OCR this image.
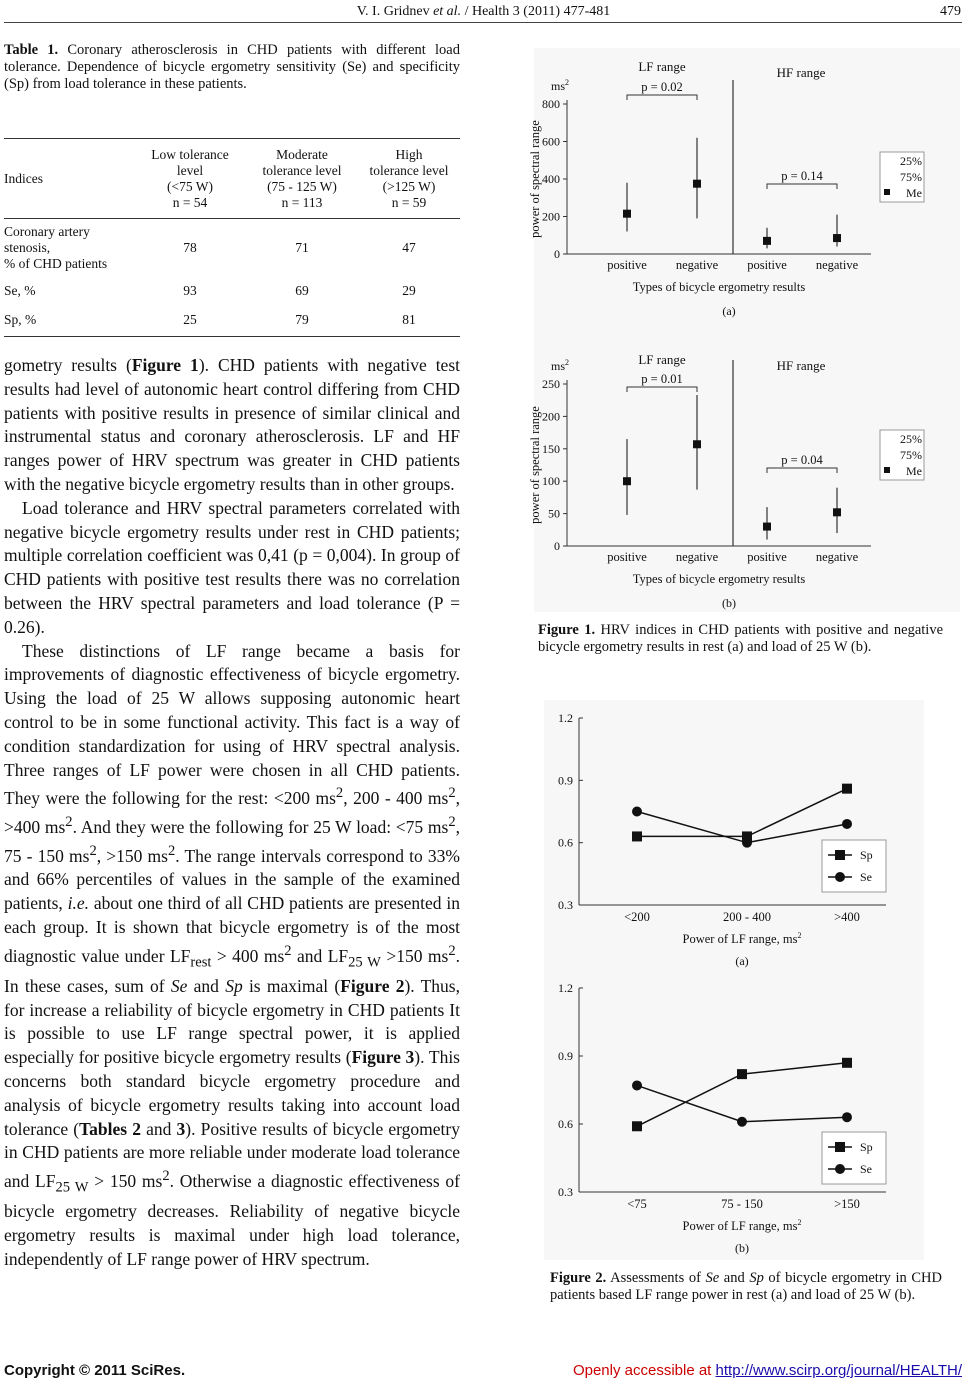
V. I. Gridnev et al. / Health 3 (2011) 477-481	479
Table 1. Coronary atherosclerosis in CHD patients with different load tolerance. Dependence of bicycle ergometry sensitivity (Se) and specificity (Sp) from load tolerance in these patients.
Indices	Low tolerance
level
(<75 W)
n = 54	Moderate
tolerance level
(75 - 125 W)
n = 113	High
tolerance level
(>125 W)
n = 59
Coronary artery
stenosis,
% of CHD patients	78	71	47
Se, %	93	69	29
Sp, %	25	79	81

gometry results (Figure 1). CHD patients with negative test results had level of autonomic heart control differing from CHD patients with positive results in presence of similar clinical and instrumental status and coronary atherosclerosis. LF and HF ranges power of HRV spectrum was greater in CHD patients with the negative bicycle ergometry results than in other groups.

Load tolerance and HRV spectral parameters correlated with negative bicycle ergometry results under rest in CHD patients; multiple correlation coefficient was 0,41 (p = 0,004). In group of CHD patients with positive test results there was no correlation between the HRV spectral parameters and load tolerance (P = 0.26).

These distinctions of LF range became a basis for improvements of diagnostic effectiveness of bicycle ergometry. Using the load of 25 W allows supposing autonomic heart control to be in some functional activity. This fact is a way of condition standardization for using of HRV spectral analysis. Three ranges of LF power were chosen in all CHD patients. They were the following for the rest: <200 $ms^2$, 200 - 400 $ms^2$, >400 $ms^2$. And they were the following for 25 W load: <75 $ms^2$, 75 - 150 $ms^2$, >150 $ms^2$. The range intervals correspond to 33% and 66% percentiles of values in the sample of the examined patients, i.e. about one third of all CHD patients are presented in each group. It is shown that bicycle ergometry is of the most diagnostic value under $LF_{rest} > 400$ $ms^2$ and $LF_{25 W} >150$ $ms^2$. In these cases, sum of Se and Sp is maximal (Figure 2). Thus, for increase a reliability of bicycle ergometry in CHD patients It is possible to use LF range spectral power, it is applied especially for positive bicycle ergometry results (Figure 3). This concerns both standard bicycle ergometry procedure and analysis of bicycle ergometry results taking into account load tolerance (Tables 2 and 3). Positive results of bicycle ergometry in CHD patients are more reliable under moderate load tolerance and $LF_{25 W} > 150$ $ms^2$. Otherwise a diagnostic effectiveness of bicycle ergometry decreases. Reliability of negative bicycle ergometry results is maximal under high load tolerance, independently of LF range power of HRV spectrum.

0
200
400
600
800
$ms^2$
power of spectral range
LF range	HF range
p = 0.02
p = 0.14
positive negative positive negative
Types of bicycle ergometry results
(a)
25%
75%
Me
0
50
100
150
200
250
$ms^2$
power of spectral range
LF range	HF range
p = 0.01
p = 0.04
positive negative positive negative
Types of bicycle ergometry results
(b)
25%
75%
Me
Figure 1. HRV indices in CHD patients with positive and negative bicycle ergometry results in rest (a) and load of 25 W (b).
0.3
0.6
0.9
1.2
<200	200 - 400	>400
Power of LF range, $ms^2$
(a)
Sp
Se
0.3
0.6
0.9
1.2
<75	75 - 150	>150
Power of LF range, $ms^2$
(b)
Sp
Se
Figure 2. Assessments of Se and Sp of bicycle ergometry in CHD patients based LF range power in rest (a) and load of 25 W (b).
Copyright © 2011 SciRes.	Openly accessible at http://www.scirp.org/journal/HEALTH/
